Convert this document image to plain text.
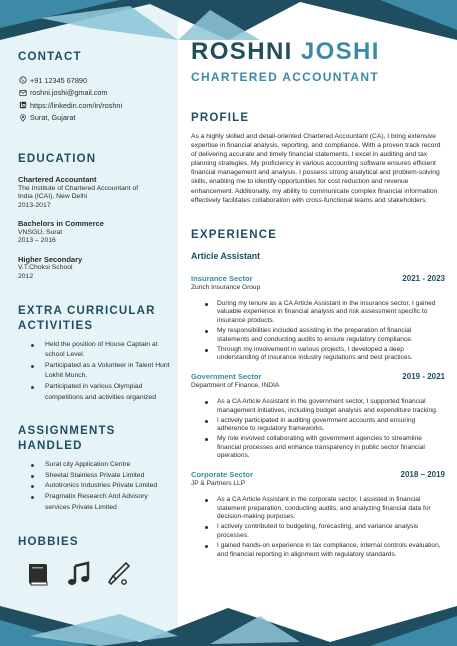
CONTACT
+91 12345 67890
roshni.joshi@gmail.com
https://linkedin.com/in/roshni
Surat, Gujarat
EDUCATION
Chartered Accountant
The Institute of Chartered Accountant of
India (ICAI), New Delhi
2013-2017
Bachelors in Commerce
VNSGU, Surat
2013 – 2016
Higher Secondary
V.T.Choksi School
2012
EXTRA CURRICULAR
ACTIVITIES
Held the position of House Captain at school Level.
Participated as a Volunteer in Talent Hunt Lokhit Munch.
Participated in various Olympiad competitions and activities organized
ASSIGNMENTS HANDLED
Surat city Application Centre
Sheetal Stainless Private Limited
Autotronics Industries Private Limited
Pragmatix Research And Advisory services Private Limited
HOBBIES
ROSHNI JOSHI
CHARTERED ACCOUNTANT
PROFILE

As a highly skilled and detail-oriented Chartered Accountant (CA), I bring extensive expertise in financial analysis, reporting, and compliance. With a proven track record of delivering accurate and timely financial statements, I excel in auditing and tax planning strategies. My proficiency in various accounting software ensures efficient financial management and analysis. I possess strong analytical and problem-solving skills, enabling me to identify opportunities for cost reduction and revenue enhancement. Additionally, my ability to communicate complex financial information effectively facilitates collaboration with cross-functional teams and stakeholders.

EXPERIENCE
Article Assistant
Insurance Sector	2021 - 2023
Zurich Insurance Group
During my tenure as a CA Article Assistant in the insurance sector, I gained valuable experience in financial analysis and risk assessment specific to insurance products.
My responsibilities included assisting in the preparation of financial statements and conducting audits to ensure regulatory compliance.
Through my involvement in various projects, I developed a deep understanding of insurance industry regulations and best practices.
Government Sector	2019 - 2021
Department of Finance, INDIA
As a CA Article Assistant in the government sector, I supported financial management initiatives, including budget analysis and expenditure tracking.
I actively participated in auditing government accounts and ensuring adherence to regulatory frameworks.
My role involved collaborating with government agencies to streamline financial processes and enhance transparency in public sector financial operations.
Corporate Sector	2018 – 2019
JP & Partners LLP
As a CA Article Assistant in the corporate sector, I assisted in financial statement preparation, conducting audits, and analyzing financial data for decision-making purposes.
I actively contributed to budgeting, forecasting, and variance analysis processes.
I gained hands-on experience in tax compliance, internal controls evaluation, and financial reporting in alignment with regulatory standards.
